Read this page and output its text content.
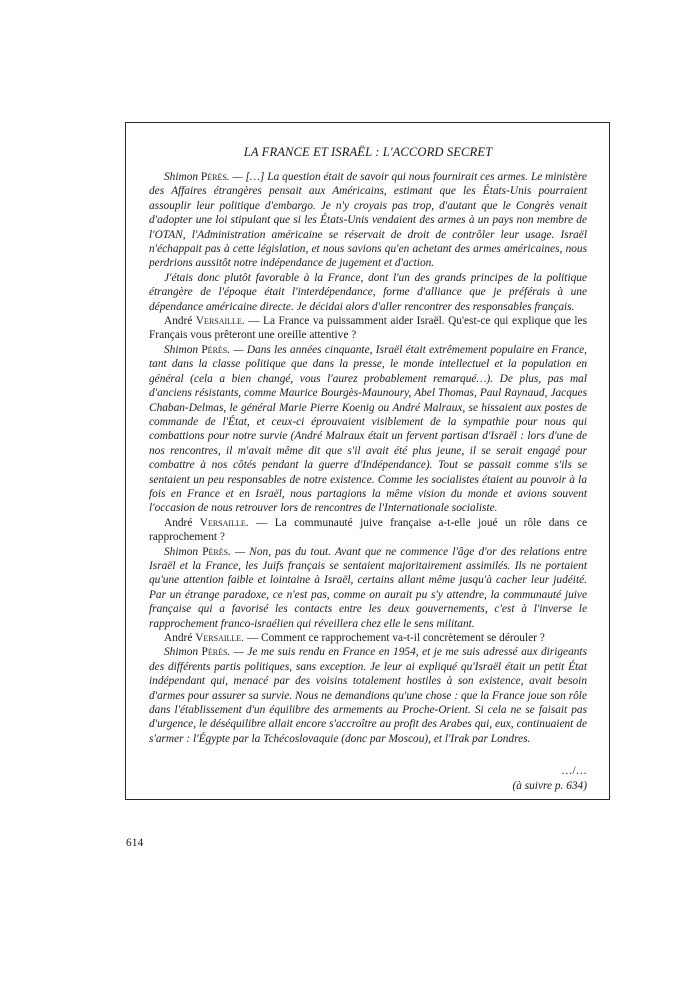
LA FRANCE ET ISRAËL : L'ACCORD SECRET

Shimon Pérès. — […] La question était de savoir qui nous fournirait ces armes. Le ministère des Affaires étrangères pensait aux Américains, estimant que les États-Unis pourraient assouplir leur politique d'embargo. Je n'y croyais pas trop, d'autant que le Congrès venait d'adopter une loi stipulant que si les États-Unis vendaient des armes à un pays non membre de l'OTAN, l'Administration américaine se réservait de droit de contrôler leur usage. Israël n'échappait pas à cette législation, et nous savions qu'en achetant des armes américaines, nous perdrions aussitôt notre indépendance de jugement et d'action.

J'étais donc plutôt favorable à la France, dont l'un des grands principes de la politique étrangère de l'époque était l'interdépendance, forme d'alliance que je préférais à une dépendance américaine directe. Je décidai alors d'aller rencontrer des responsables français.

André Versaille. — La France va puissamment aider Israël. Qu'est-ce qui explique que les Français vous prêteront une oreille attentive ?

Shimon Pérès. — Dans les années cinquante, Israël était extrêmement populaire en France, tant dans la classe politique que dans la presse, le monde intellectuel et la population en général (cela a bien changé, vous l'aurez probablement remarqué…). De plus, pas mal d'anciens résistants, comme Maurice Bourgès-Maunoury, Abel Thomas, Paul Raynaud, Jacques Chaban-Delmas, le général Marie Pierre Koenig ou André Malraux, se hissaient aux postes de commande de l'État, et ceux-ci éprouvaient visiblement de la sympathie pour nous qui combattions pour notre survie (André Malraux était un fervent partisan d'Israël : lors d'une de nos rencontres, il m'avait même dit que s'il avait été plus jeune, il se serait engagé pour combattre à nos côtés pendant la guerre d'Indépendance). Tout se passait comme s'ils se sentaient un peu responsables de notre existence. Comme les socialistes étaient au pouvoir à la fois en France et en Israël, nous partagions la même vision du monde et avions souvent l'occasion de nous retrouver lors de rencontres de l'Internationale socialiste.

André Versaille. — La communauté juive française a-t-elle joué un rôle dans ce rapprochement ?

Shimon Pérès. — Non, pas du tout. Avant que ne commence l'âge d'or des relations entre Israël et la France, les Juifs français se sentaient majoritairement assimilés. Ils ne portaient qu'une attention faible et lointaine à Israël, certains allant même jusqu'à cacher leur judéité. Par un étrange paradoxe, ce n'est pas, comme on aurait pu s'y attendre, la communauté juive française qui a favorisé les contacts entre les deux gouvernements, c'est à l'inverse le rapprochement franco-israélien qui réveillera chez elle le sens militant.

André Versaille. — Comment ce rapprochement va-t-il concrètement se dérouler ?

Shimon Pérès. — Je me suis rendu en France en 1954, et je me suis adressé aux dirigeants des différents partis politiques, sans exception. Je leur ai expliqué qu'Israël était un petit État indépendant qui, menacé par des voisins totalement hostiles à son existence, avait besoin d'armes pour assurer sa survie. Nous ne demandions qu'une chose : que la France joue son rôle dans l'établissement d'un équilibre des armements au Proche-Orient. Si cela ne se faisait pas d'urgence, le déséquilibre allait encore s'accroître au profit des Arabes qui, eux, continuaient de s'armer : l'Égypte par la Tchécoslovaquie (donc par Moscou), et l'Irak par Londres.

…/…
(à suivre p. 634)
614
